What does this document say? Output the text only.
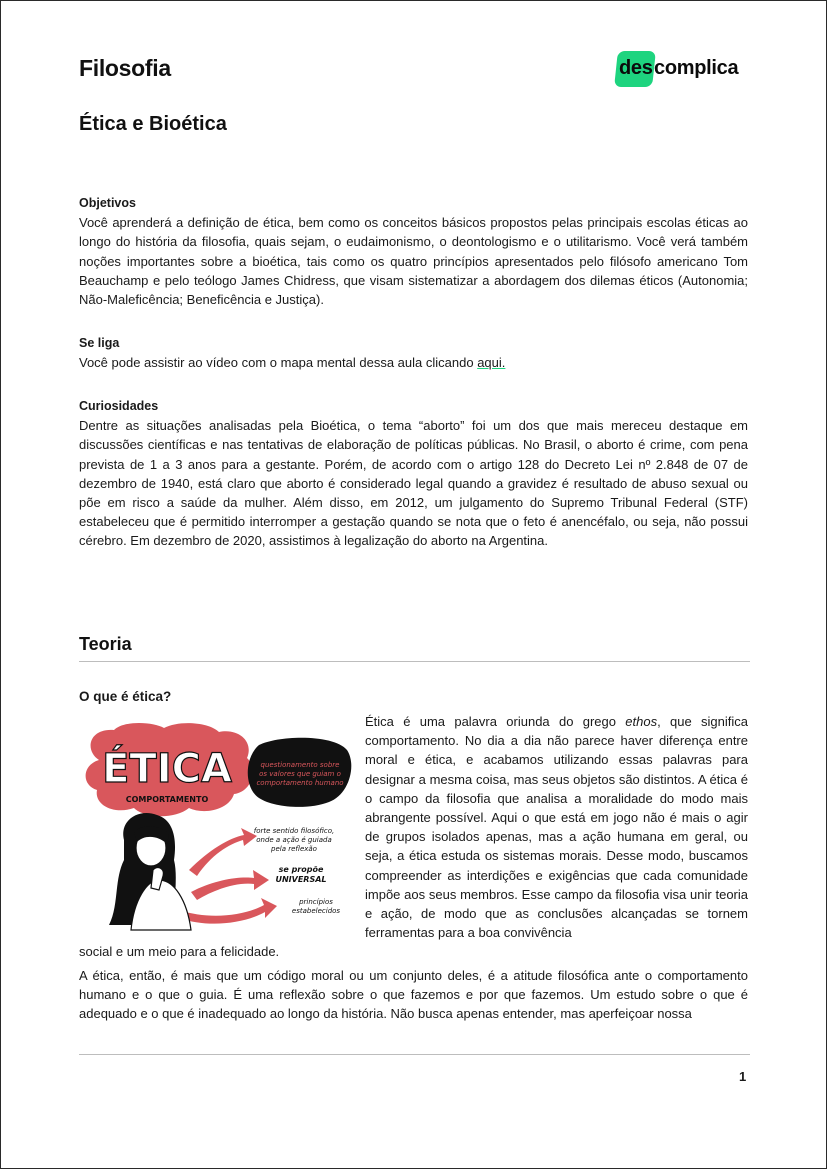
Filosofia	des complica
Ética e Bioética
Objetivos

Você aprenderá a definição de ética, bem como os conceitos básicos propostos pelas principais escolas éticas ao longo do história da filosofia, quais sejam, o eudaimonismo, o deontologismo e o utilitarismo. Você verá também noções importantes sobre a bioética, tais como os quatro princípios apresentados pelo filósofo americano Tom Beauchamp e pelo teólogo James Chidress, que visam sistematizar a abordagem dos dilemas éticos (Autonomia; Não-Maleficência; Beneficência e Justiça).

Se liga

Você pode assistir ao vídeo com o mapa mental dessa aula clicando aqui.

Curiosidades

Dentre as situações analisadas pela Bioética, o tema “aborto” foi um dos que mais mereceu destaque em discussões científicas e nas tentativas de elaboração de políticas públicas. No Brasil, o aborto é crime, com pena prevista de 1 a 3 anos para a gestante. Porém, de acordo com o artigo 128 do Decreto Lei nº 2.848 de 07 de dezembro de 1940, está claro que aborto é considerado legal quando a gravidez é resultado de abuso sexual ou põe em risco a saúde da mulher. Além disso, em 2012, um julgamento do Supremo Tribunal Federal (STF) estabeleceu que é permitido interromper a gestação quando se nota que o feto é anencéfalo, ou seja, não possui cérebro. Em dezembro de 2020, assistimos à legalização do aborto na Argentina.

Teoria
O que é ética?
ÉTICA
COMPORTAMENTO
questionamento sobre
os valores que guiam o
comportamento humano
forte sentido filosófico,
onde a ação é guiada
pela reflexão
se propõe
UNIVERSAL
princípios
estabelecidos

Ética é uma palavra oriunda do grego ethos, que significa comportamento. No dia a dia não parece haver diferença entre moral e ética, e acabamos utilizando essas palavras para designar a mesma coisa, mas seus objetos são distintos. A ética é o campo da filosofia que analisa a moralidade do modo mais abrangente possível. Aqui o que está em jogo não é mais o agir de grupos isolados apenas, mas a ação humana em geral, ou seja, a ética estuda os sistemas morais. Desse modo, buscamos compreender as interdições e exigências que cada comunidade impõe aos seus membros. Esse campo da filosofia visa unir teoria e ação, de modo que as conclusões alcançadas se tornem ferramentas para a boa convivência

social e um meio para a felicidade.

A ética, então, é mais que um código moral ou um conjunto deles, é a atitude filosófica ante o comportamento humano e o que o guia. É uma reflexão sobre o que fazemos e por que fazemos. Um estudo sobre o que é adequado e o que é inadequado ao longo da história. Não busca apenas entender, mas aperfeiçoar nossa

1
